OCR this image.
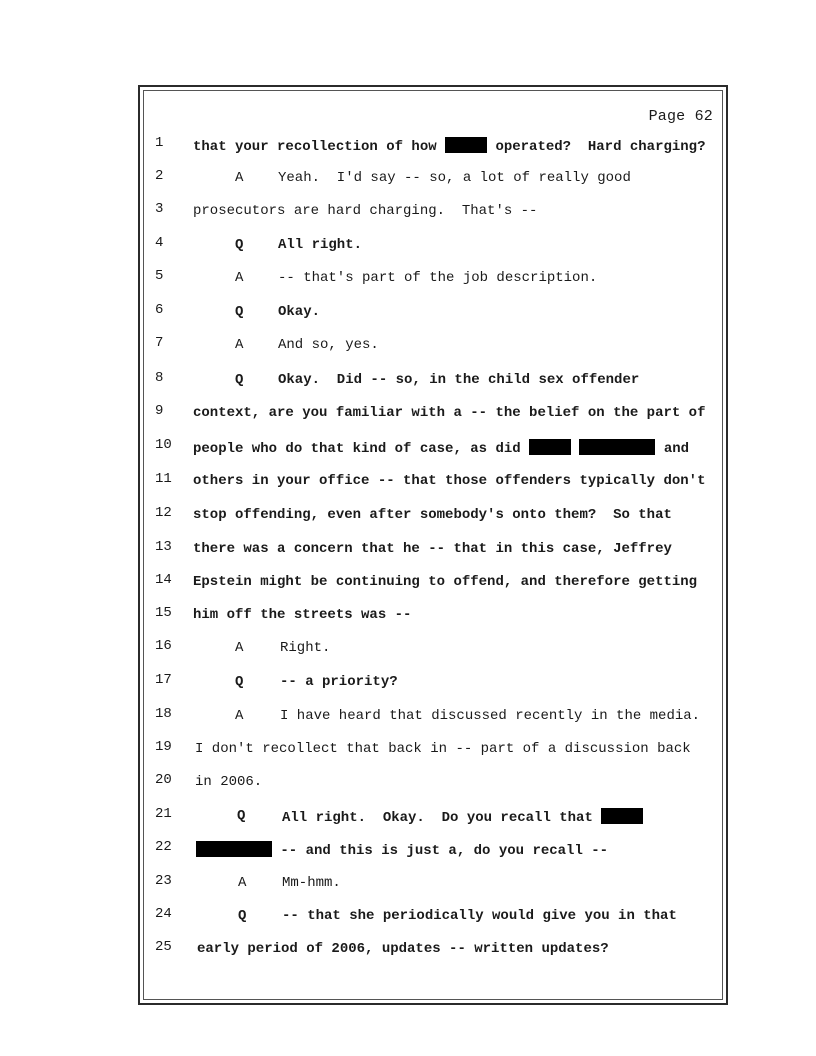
Page 62
1 that your recollection of how	operated?  Hard charging?
2	A Yeah.  I'd say -- so, a lot of really good
3 prosecutors are hard charging.  That's --
4	Q All right.
5	A -- that's part of the job description.
6	Q Okay.
7	A And so, yes.
8	Q Okay.  Did -- so, in the child sex offender
9 context, are you familiar with a -- the belief on the part of
10 people who do that kind of case, as did	and
11 others in your office -- that those offenders typically don't
12 stop offending, even after somebody's onto them?  So that
13 there was a concern that he -- that in this case, Jeffrey
14 Epstein might be continuing to offend, and therefore getting
15 him off the streets was --
16	A	Right.
17	Q	-- a priority?
18	A	I have heard that discussed recently in the media.
19 I don't recollect that back in -- part of a discussion back
20 in 2006.
21	Q	All right.  Okay.  Do you recall that
22	-- and this is just a, do you recall --
23	A	Mm-hmm.
24	Q	-- that she periodically would give you in that
25 early period of 2006, updates -- written updates?
